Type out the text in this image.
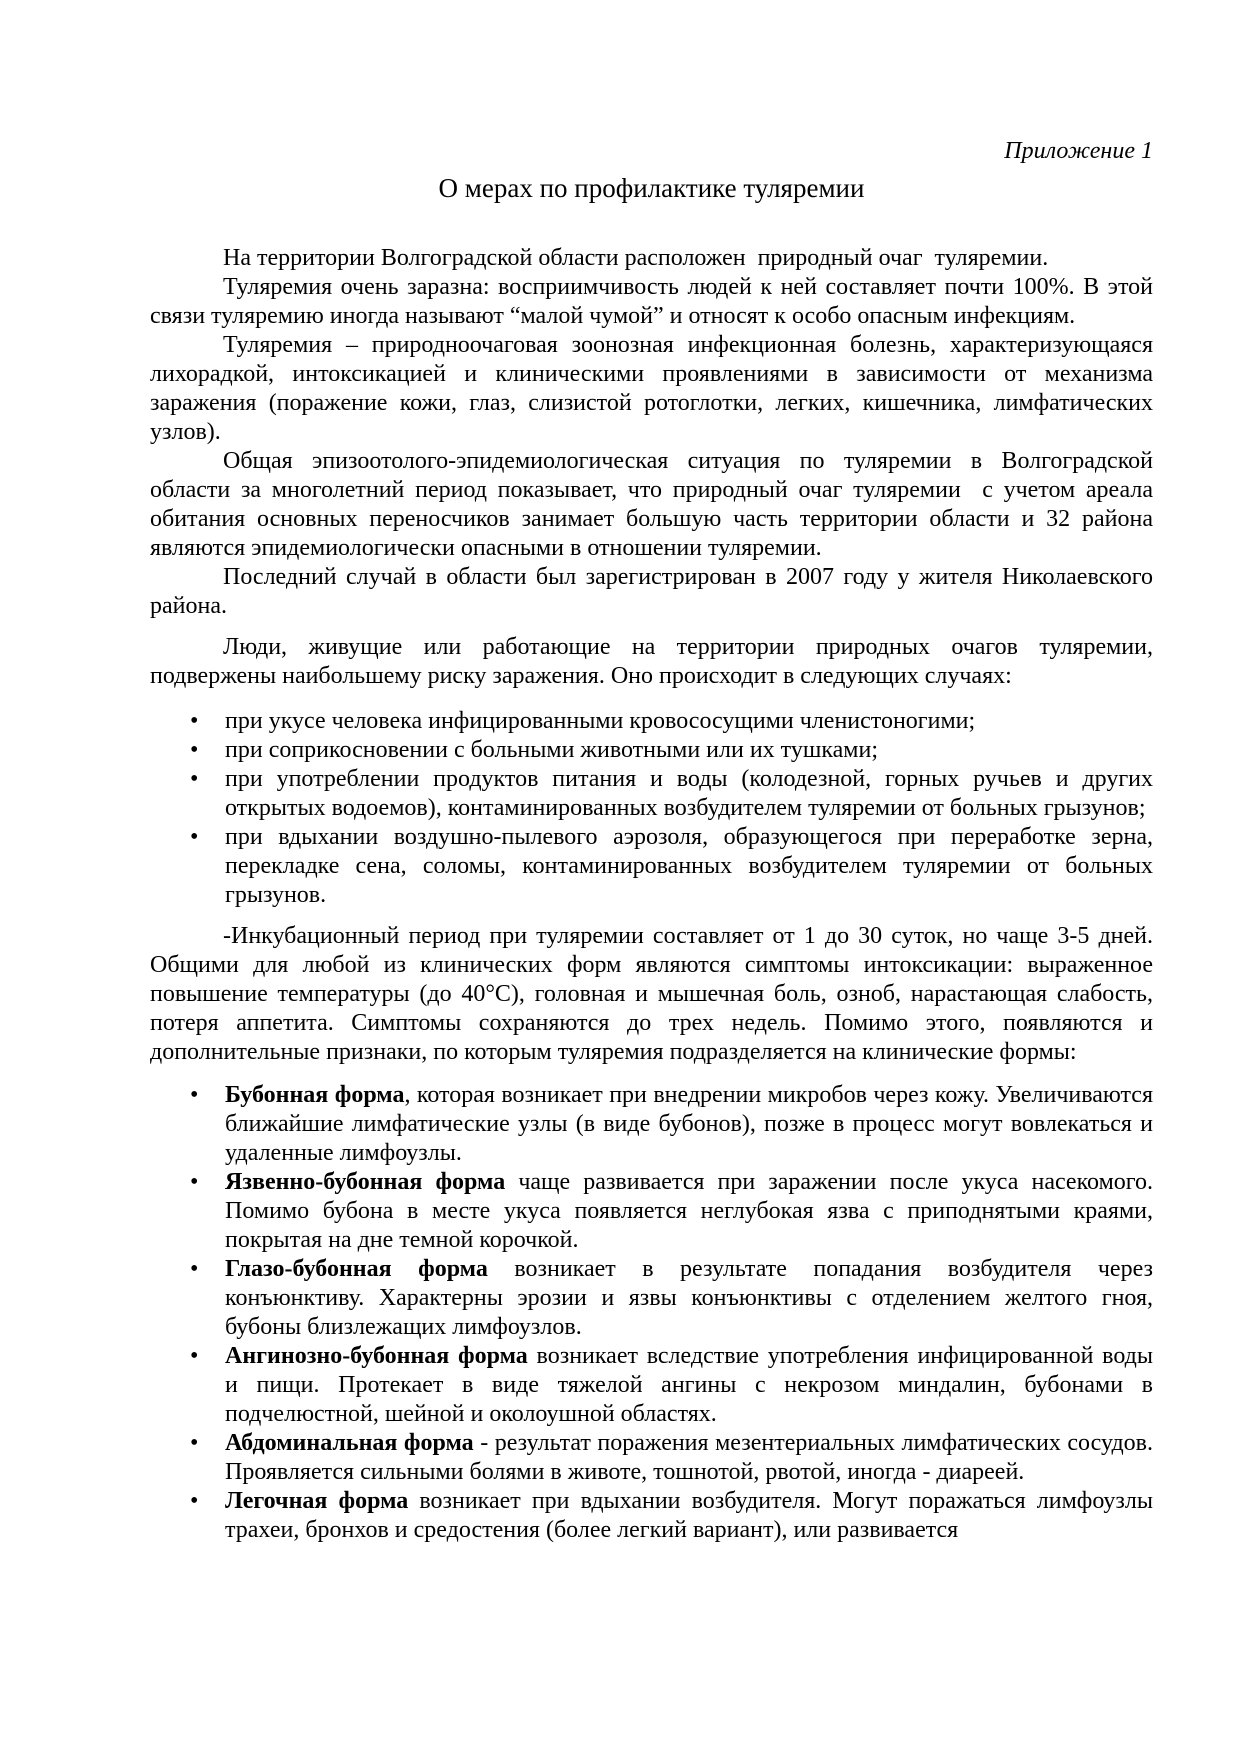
Приложение 1
О мерах по профилактике туляремии

На территории Волгоградской области расположен  природный очаг  туляремии.

Туляремия очень заразна: восприимчивость людей к ней составляет почти 100%. В этой связи туляремию иногда называют “малой чумой” и относят к особо опасным инфекциям.

Туляремия – природноочаговая зоонозная инфекционная болезнь, характеризующаяся лихорадкой, интоксикацией и клиническими проявлениями в зависимости от механизма заражения (поражение кожи, глаз, слизистой ротоглотки, легких, кишечника, лимфатических узлов).

Общая эпизоотолого-эпидемиологическая ситуация по туляремии в Волгоградской области за многолетний период показывает, что природный очаг туляремии  с учетом ареала обитания основных переносчиков занимает большую часть территории области и 32 района являются эпидемиологически опасными в отношении туляремии.

Последний случай в области был зарегистрирован в 2007 году у жителя Николаевского района.

Люди, живущие или работающие на территории природных очагов туляремии, подвержены наибольшему риску заражения. Оно происходит в следующих случаях:

•	при укусе человека инфицированными кровососущими членистоногими;
•	при соприкосновении с больными животными или их тушками;
•	при употреблении продуктов питания и воды (колодезной, горных ручьев и других открытых водоемов), контаминированных возбудителем туляремии от больных грызунов;
•	при вдыхании воздушно-пылевого аэрозоля, образующегося при переработке зерна, перекладке сена, соломы, контаминированных возбудителем туляремии от больных грызунов.

-Инкубационный период при туляремии составляет от 1 до 30 суток, но чаще 3-5 дней. Общими для любой из клинических форм являются симптомы интоксикации: выраженное повышение температуры (до 40°С), головная и мышечная боль, озноб, нарастающая слабость, потеря аппетита. Симптомы сохраняются до трех недель. Помимо этого, появляются и дополнительные признаки, по которым туляремия подразделяется на клинические формы:

•	Бубонная форма, которая возникает при внедрении микробов через кожу. Увеличиваются ближайшие лимфатические узлы (в виде бубонов), позже в процесс могут вовлекаться и удаленные лимфоузлы.
•	Язвенно-бубонная форма чаще развивается при заражении после укуса насекомого. Помимо бубона в месте укуса появляется неглубокая язва с приподнятыми краями, покрытая на дне темной корочкой.
•	Глазо-бубонная форма возникает в результате попадания возбудителя через конъюнктиву. Характерны эрозии и язвы конъюнктивы с отделением желтого гноя, бубоны близлежащих лимфоузлов.
•	Ангинозно-бубонная форма возникает вследствие употребления инфицированной воды и пищи. Протекает в виде тяжелой ангины с некрозом миндалин, бубонами в подчелюстной, шейной и околоушной областях.
•	Абдоминальная форма - результат поражения мезентериальных лимфатических сосудов. Проявляется сильными болями в животе, тошнотой, рвотой, иногда - диареей.
•	Легочная форма возникает при вдыхании возбудителя. Могут поражаться лимфоузлы трахеи, бронхов и средостения (более легкий вариант), или развивается
